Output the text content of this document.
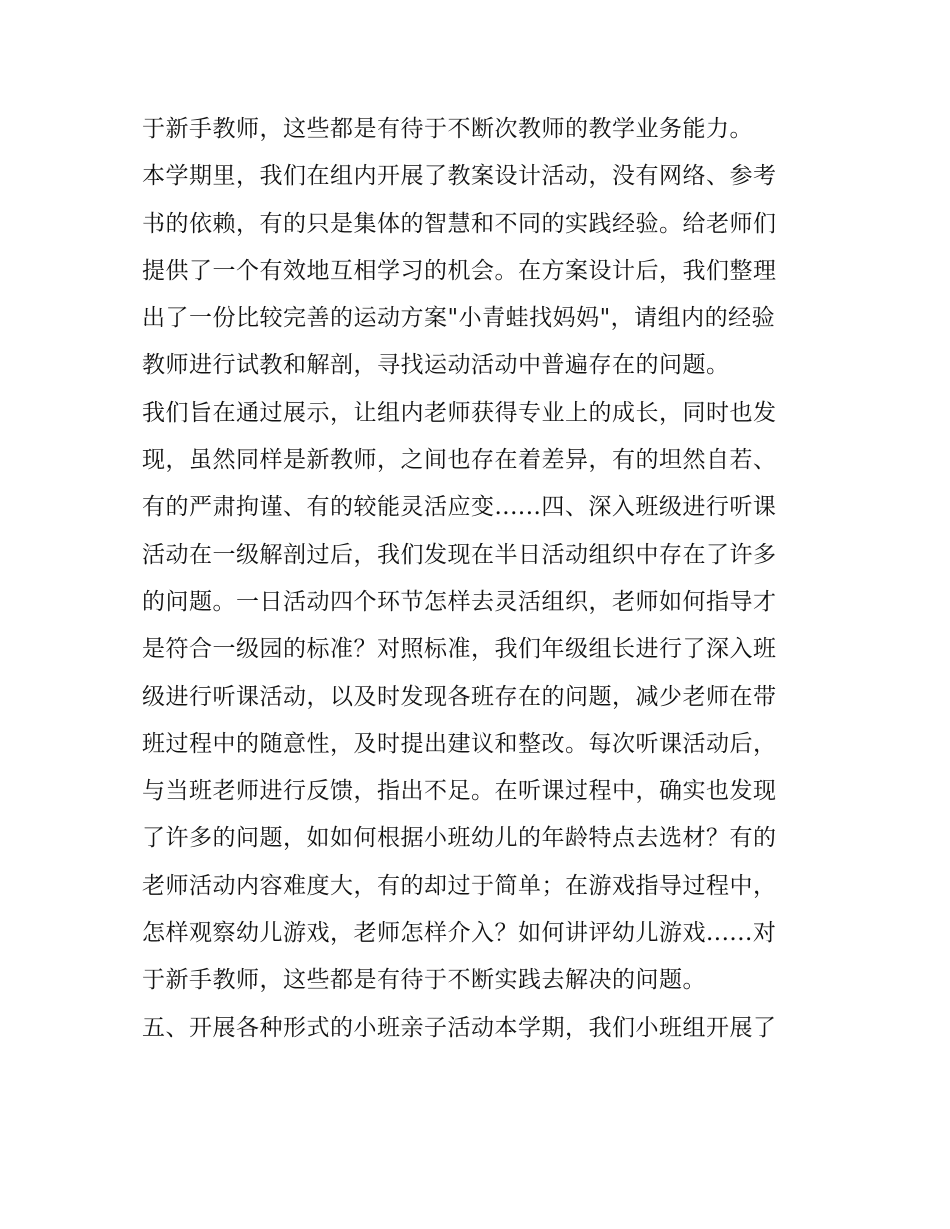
于新手教师，这些都是有待于不断次教师的教学业务能力。
本学期里，我们在组内开展了教案设计活动，没有网络、参考
书的依赖，有的只是集体的智慧和不同的实践经验。给老师们
提供了一个有效地互相学习的机会。在方案设计后，我们整理
出了一份比较完善的运动方案"小青蛙找妈妈"，请组内的经验
教师进行试教和解剖，寻找运动活动中普遍存在的问题。
我们旨在通过展示，让组内老师获得专业上的成长，同时也发
现，虽然同样是新教师，之间也存在着差异，有的坦然自若、
有的严肃拘谨、有的较能灵活应变......四、深入班级进行听课
活动在一级解剖过后，我们发现在半日活动组织中存在了许多
的问题。一日活动四个环节怎样去灵活组织，老师如何指导才
是符合一级园的标准？对照标准，我们年级组长进行了深入班
级进行听课活动，以及时发现各班存在的问题，减少老师在带
班过程中的随意性，及时提出建议和整改。每次听课活动后，
与当班老师进行反馈，指出不足。在听课过程中，确实也发现
了许多的问题，如如何根据小班幼儿的年龄特点去选材？有的
老师活动内容难度大，有的却过于简单；在游戏指导过程中，
怎样观察幼儿游戏，老师怎样介入？如何讲评幼儿游戏......对
于新手教师，这些都是有待于不断实践去解决的问题。
五、开展各种形式的小班亲子活动本学期，我们小班组开展了
